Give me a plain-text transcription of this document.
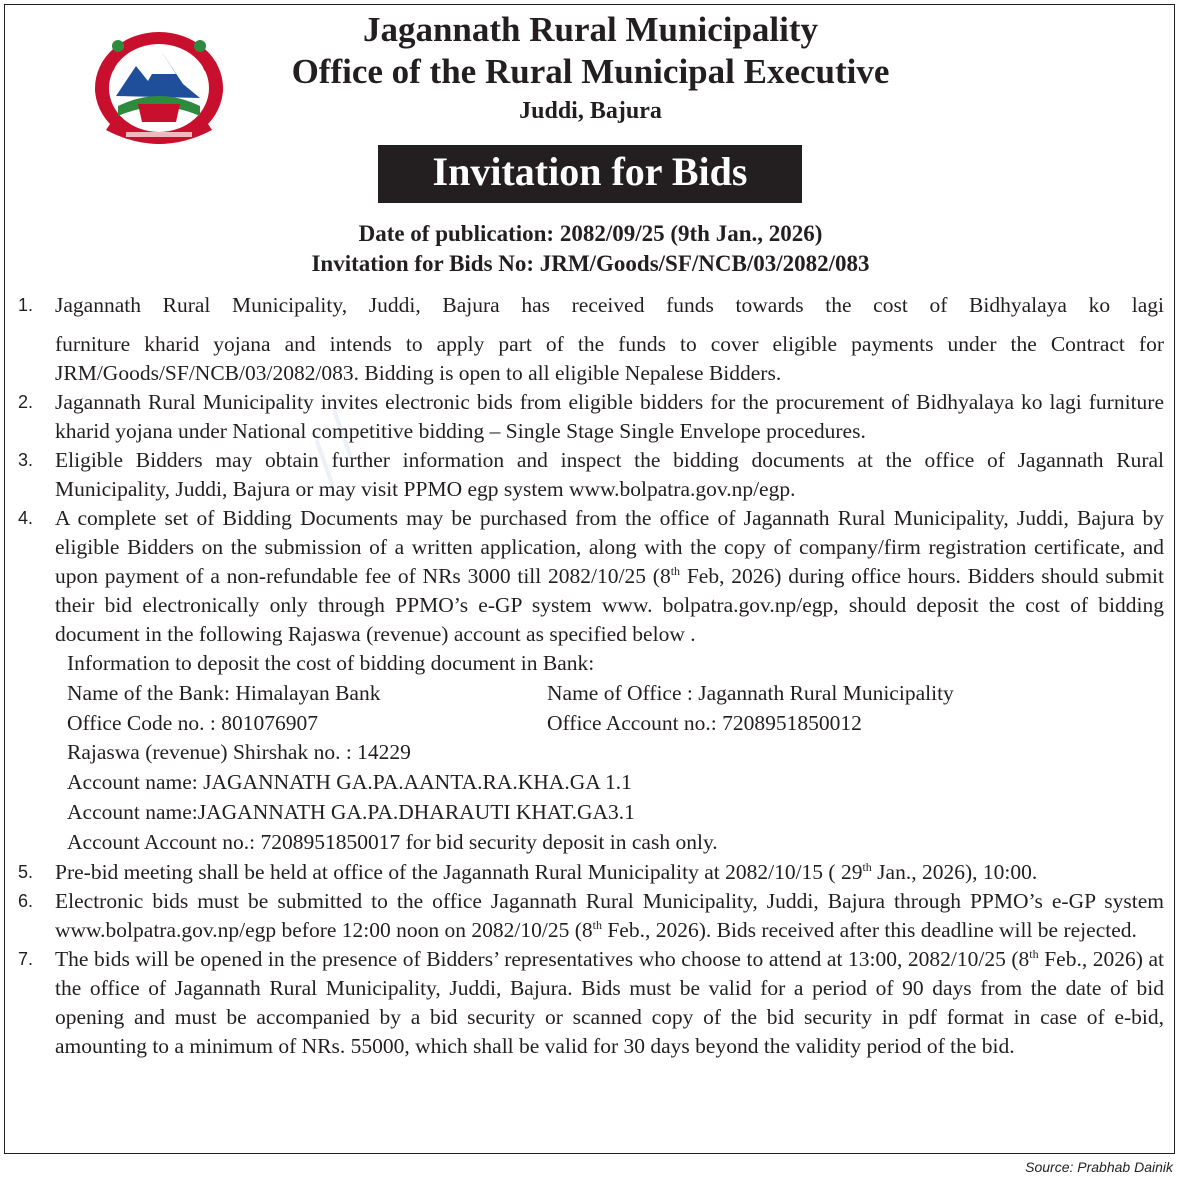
⟋⟋
Jagannath Rural Municipality
Office of the Rural Municipal Executive
Juddi, Bajura
Invitation for Bids
Date of publication: 2082/09/25 (9th Jan., 2026)
Invitation for Bids No: JRM/Goods/SF/NCB/03/2082/083
1. Jagannath Rural Municipality, Juddi, Bajura has received funds towards the cost of Bidhyalaya ko lagi
furniture kharid yojana and intends to apply part of the funds to cover eligible payments under the Contract for JRM/Goods/SF/NCB/03/2082/083. Bidding is open to all eligible Nepalese Bidders.
2. Jagannath Rural Municipality invites electronic bids from eligible bidders for the procurement of Bidhyalaya ko lagi furniture kharid yojana under National competitive bidding – Single Stage Single Envelope procedures.
3. Eligible Bidders may obtain further information and inspect the bidding documents at the office of Jagannath Rural Municipality, Juddi, Bajura or may visit PPMO egp system www.bolpatra.gov.np/egp.
4. A complete set of Bidding Documents may be purchased from the office of Jagannath Rural Municipality, Juddi, Bajura by eligible Bidders on the submission of a written application, along with the copy of company/firm registration certificate, and upon payment of a non-refundable fee of NRs 3000 till 2082/10/25 (8th Feb, 2026) during office hours. Bidders should submit their bid electronically only through PPMO’s e-GP system www. bolpatra.gov.np/egp, should deposit the cost of bidding document in the following Rajaswa (revenue) account as specified below .
Information to deposit the cost of bidding document in Bank:
Name of the Bank: Himalayan Bank	Name of Office : Jagannath Rural Municipality
Office Code no. : 801076907	Office Account no.: 7208951850012
Rajaswa (revenue) Shirshak no. : 14229
Account name: JAGANNATH GA.PA.AANTA.RA.KHA.GA 1.1
Account name:JAGANNATH GA.PA.DHARAUTI KHAT.GA3.1
Account Account no.: 7208951850017 for bid security deposit in cash only.
5. Pre-bid meeting shall be held at office of the Jagannath Rural Municipality at 2082/10/15 ( 29th Jan., 2026), 10:00.
6. Electronic bids must be submitted to the office Jagannath Rural Municipality, Juddi, Bajura through PPMO’s e-GP system www.bolpatra.gov.np/egp before 12:00 noon on 2082/10/25 (8th Feb., 2026). Bids received after this deadline will be rejected.
7. The bids will be opened in the presence of Bidders’ representatives who choose to attend at 13:00, 2082/10/25 (8th Feb., 2026) at the office of Jagannath Rural Municipality, Juddi, Bajura. Bids must be valid for a period of 90 days from the date of bid opening and must be accompanied by a bid security or scanned copy of the bid security in pdf format in case of e-bid, amounting to a minimum of NRs. 55000, which shall be valid for 30 days beyond the validity period of the bid.
Source: Prabhab Dainik
